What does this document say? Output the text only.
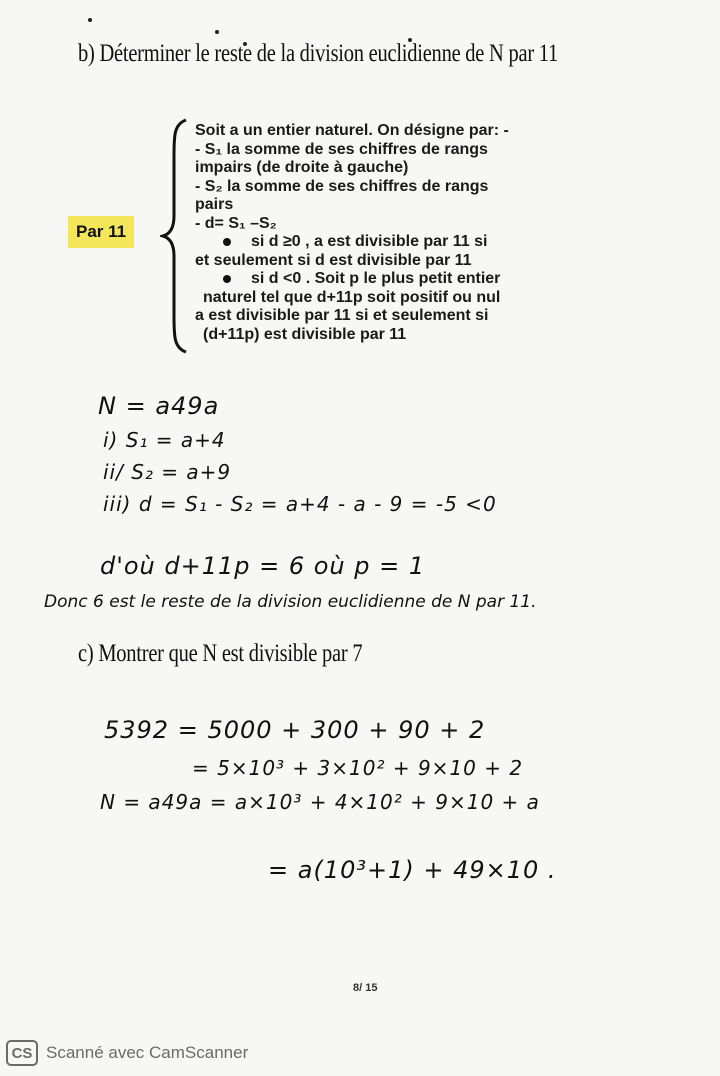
b) Déterminer le reste de la division euclidienne de N par 11
Par 11
Soit a un entier naturel. On désigne par: -
- S₁ la somme de ses chiffres de rangs
impairs (de droite à gauche)
- S₂ la somme de ses chiffres de rangs
pairs
- d= S₁ –S₂
si d ≥0 , a est divisible par 11 si
et seulement si d est divisible par 11
si d <0 . Soit p le plus petit entier
naturel tel que d+11p soit positif ou nul
a est divisible par 11 si et seulement si
(d+11p) est divisible par 11
N = a49a
i) S₁ = a+4
ii/ S₂ = a+9
iii) d = S₁ - S₂ = a+4 - a - 9 = -5 <0
d'où d+11p = 6 où p = 1
Donc 6 est le reste de la division euclidienne de N par 11.
c) Montrer que N est divisible par 7
5392 = 5000 + 300 + 90 + 2
= 5×10³ + 3×10² + 9×10 + 2
N = a49a = a×10³ + 4×10² + 9×10 + a
= a(10³+1) + 49×10 .
8/ 15
CS Scanné avec CamScanner
